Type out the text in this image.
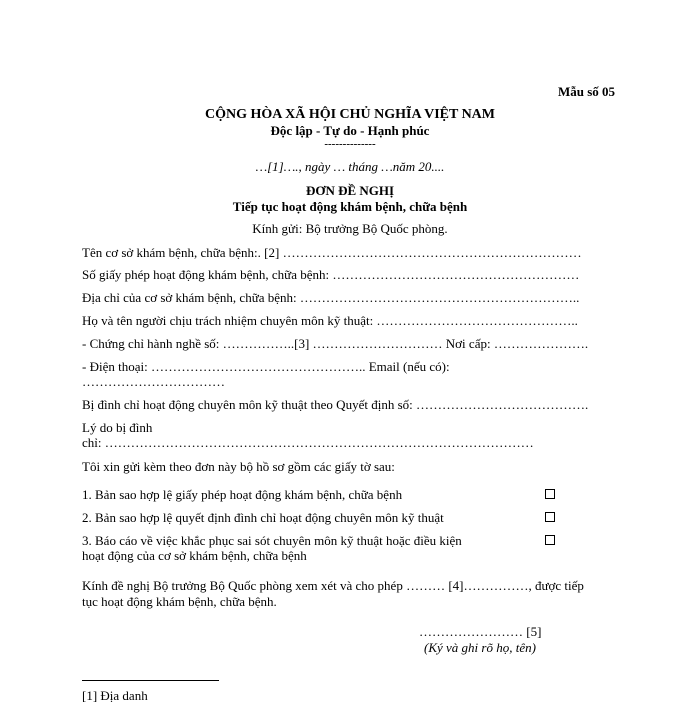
Mẫu số 05
CỘNG HÒA XÃ HỘI CHỦ NGHĨA VIỆT NAM
Độc lập - Tự do - Hạnh phúc
--------------
…[1]…., ngày … tháng …năm 20....
ĐƠN ĐỀ NGHỊ
Tiếp tục hoạt động khám bệnh, chữa bệnh
Kính gửi: Bộ trưởng Bộ Quốc phòng.
Tên cơ sở khám bệnh, chữa bệnh:. [2] ……………………………………………………………
Số giấy phép hoạt động khám bệnh, chữa bệnh: …………………………………………………
Địa chỉ của cơ sở khám bệnh, chữa bệnh: ………………………………………………………..
Họ và tên người chịu trách nhiệm chuyên môn kỹ thuật: ………………………………………..
- Chứng chỉ hành nghề số: ……………..[3] ………………………… Nơi cấp: ………………….
- Điện thoại: ………………………………………….. Email (nếu có):
……………………………
Bị đình chỉ hoạt động chuyên môn kỹ thuật theo Quyết định số: ………………………………….
Lý do bị đình
chỉ: ………………………………………………………………………………………
Tôi xin gửi kèm theo đơn này bộ hồ sơ gồm các giấy tờ sau:
1. Bản sao hợp lệ giấy phép hoạt động khám bệnh, chữa bệnh
2. Bản sao hợp lệ quyết định đình chỉ hoạt động chuyên môn kỹ thuật
3. Báo cáo về việc khắc phục sai sót chuyên môn kỹ thuật hoặc điều kiện
hoạt động của cơ sở khám bệnh, chữa bệnh
Kính đề nghị Bộ trưởng Bộ Quốc phòng xem xét và cho phép ……… [4]……………, được tiếp
tục hoạt động khám bệnh, chữa bệnh.
…………………… [5]
(Ký và ghi rõ họ, tên)
[1] Địa danh
